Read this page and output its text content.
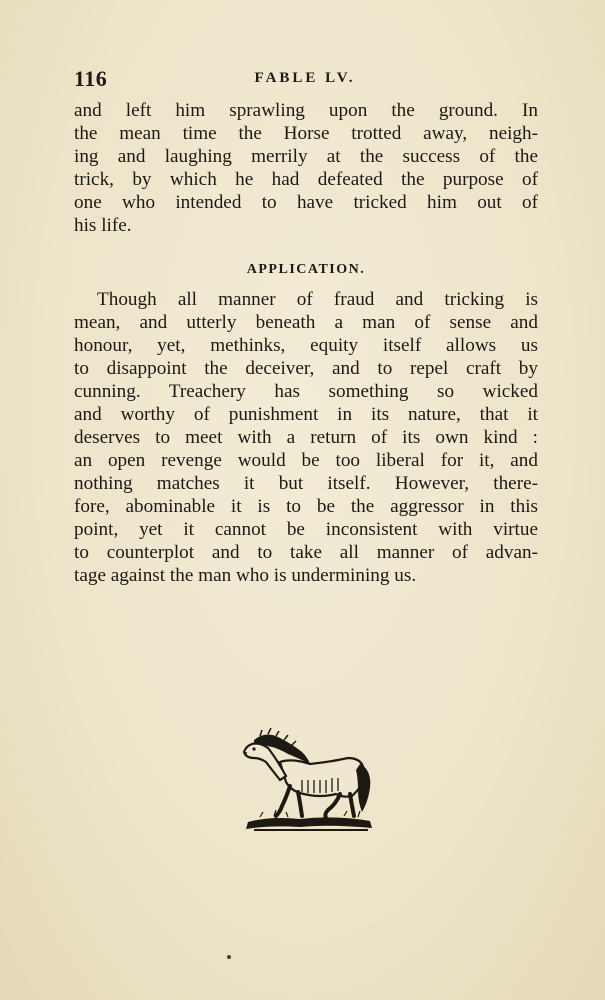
116	FABLE LV.

and left him sprawling upon the ground. In
the mean time the Horse trotted away, neigh-
ing and laughing merrily at the success of the
trick, by which he had defeated the purpose of
one who intended to have tricked him out of
his life.

APPLICATION.

Though all manner of fraud and tricking is
mean, and utterly beneath a man of sense and
honour, yet, methinks, equity itself allows us
to disappoint the deceiver, and to repel craft by
cunning. Treachery has something so wicked
and worthy of punishment in its nature, that it
deserves to meet with a return of its own kind :
an open revenge would be too liberal for it, and
nothing matches it but itself. However, there-
fore, abominable it is to be the aggressor in this
point, yet it cannot be inconsistent with virtue
to counterplot and to take all manner of advan-
tage against the man who is undermining us.
